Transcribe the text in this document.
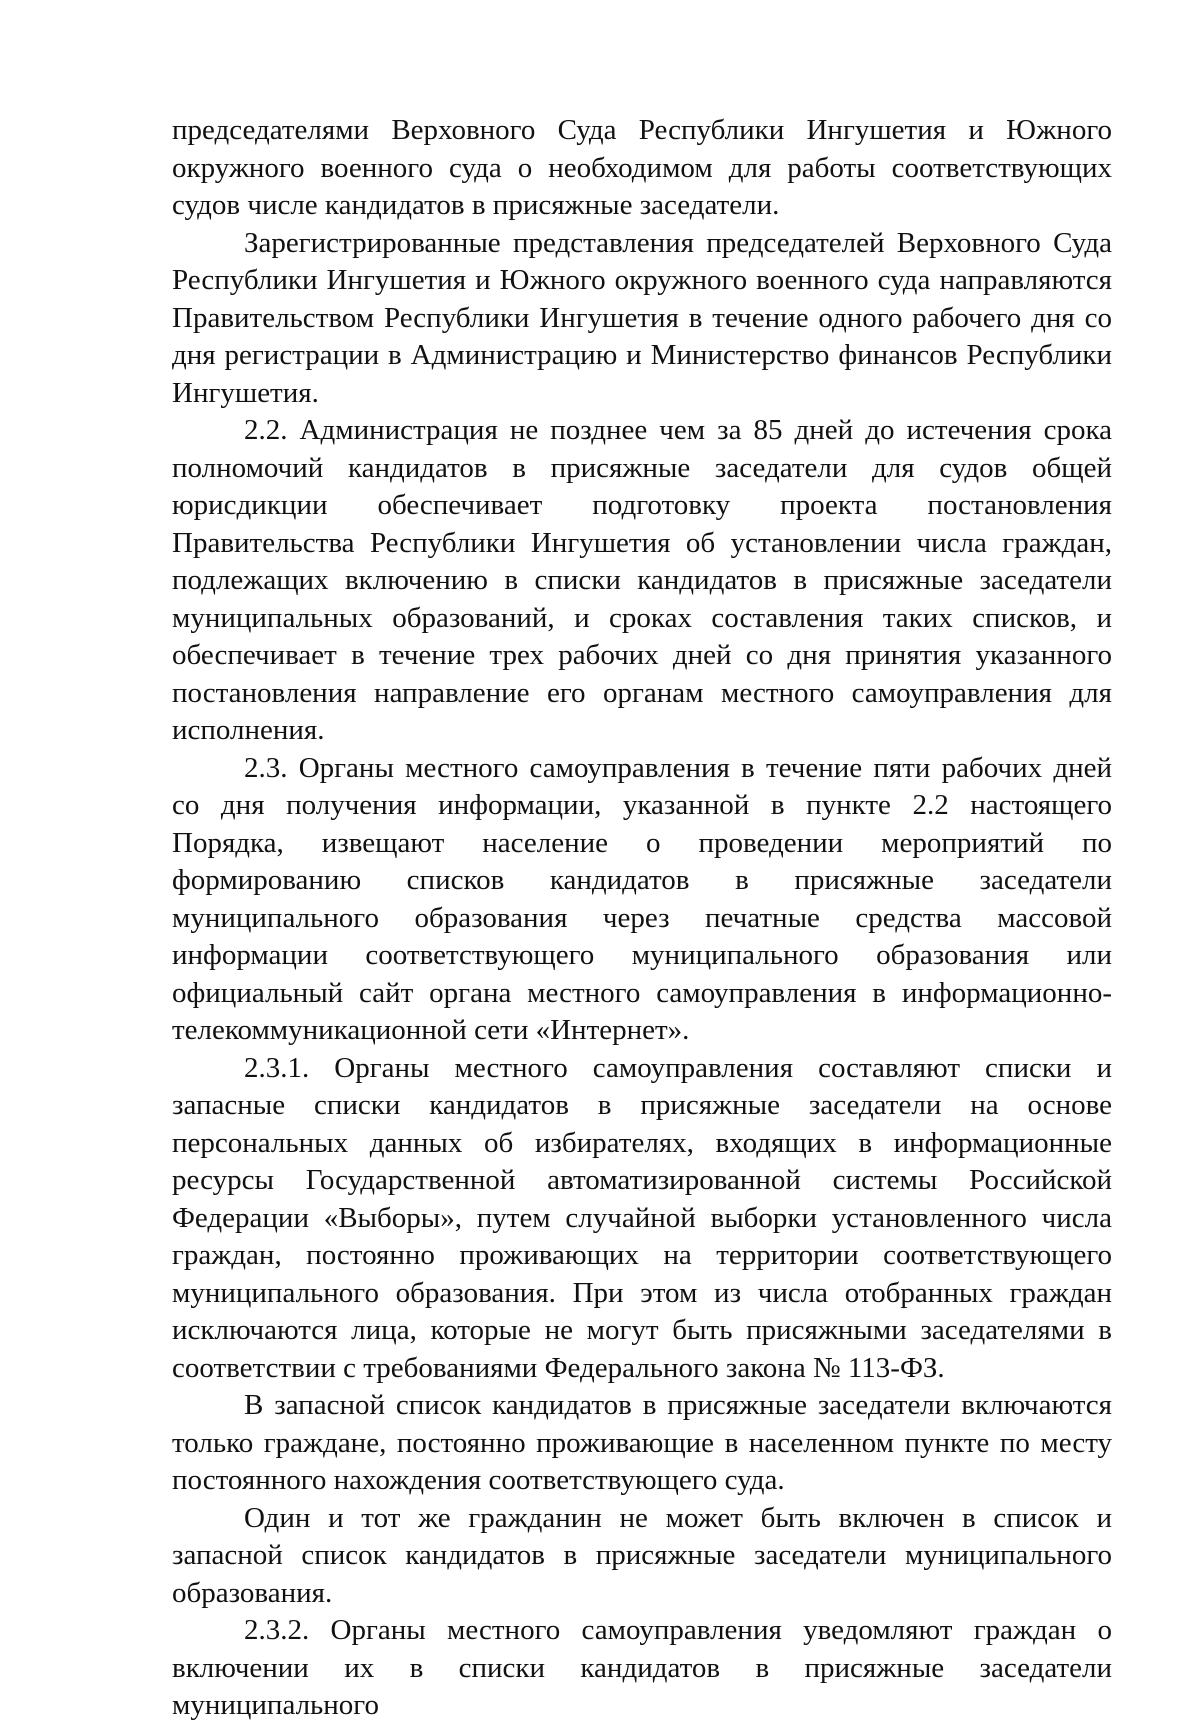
председателями Верховного Суда Республики Ингушетия и Южного окружного военного суда о необходимом для работы соответствующих судов числе кандидатов в присяжные заседатели.

Зарегистрированные представления председателей Верховного Суда Республики Ингушетия и Южного окружного военного суда направляются Правительством Республики Ингушетия в течение одного рабочего дня со дня регистрации в Администрацию и Министерство финансов Республики Ингушетия.

2.2. Администрация не позднее чем за 85 дней до истечения срока полномочий кандидатов в присяжные заседатели для судов общей юрисдикции обеспечивает подготовку проекта постановления Правительства Республики Ингушетия об установлении числа граждан, подлежащих включению в списки кандидатов в присяжные заседатели муниципальных образований, и сроках составления таких списков, и обеспечивает в течение трех рабочих дней со дня принятия указанного постановления направление его органам местного самоуправления для исполнения.

2.3. Органы местного самоуправления в течение пяти рабочих дней со дня получения информации, указанной в пункте 2.2 настоящего Порядка, извещают население о проведении мероприятий по формированию списков кандидатов в присяжные заседатели муниципального образования через печатные средства массовой информации соответствующего муниципального образования или официальный сайт органа местного самоуправления в информационно-телекоммуникационной сети «Интернет».

2.3.1. Органы местного самоуправления составляют списки и запасные списки кандидатов в присяжные заседатели на основе персональных данных об избирателях, входящих в информационные ресурсы Государственной автоматизированной системы Российской Федерации «Выборы», путем случайной выборки установленного числа граждан, постоянно проживающих на территории соответствующего муниципального образования. При этом из числа отобранных граждан исключаются лица, которые не могут быть присяжными заседателями в соответствии с требованиями Федерального закона № 113-ФЗ.

В запасной список кандидатов в присяжные заседатели включаются только граждане, постоянно проживающие в населенном пункте по месту постоянного нахождения соответствующего суда.

Один и тот же гражданин не может быть включен в список и запасной список кандидатов в присяжные заседатели муниципального образования.

2.3.2. Органы местного самоуправления уведомляют граждан о включении их в списки кандидатов в присяжные заседатели муниципального
